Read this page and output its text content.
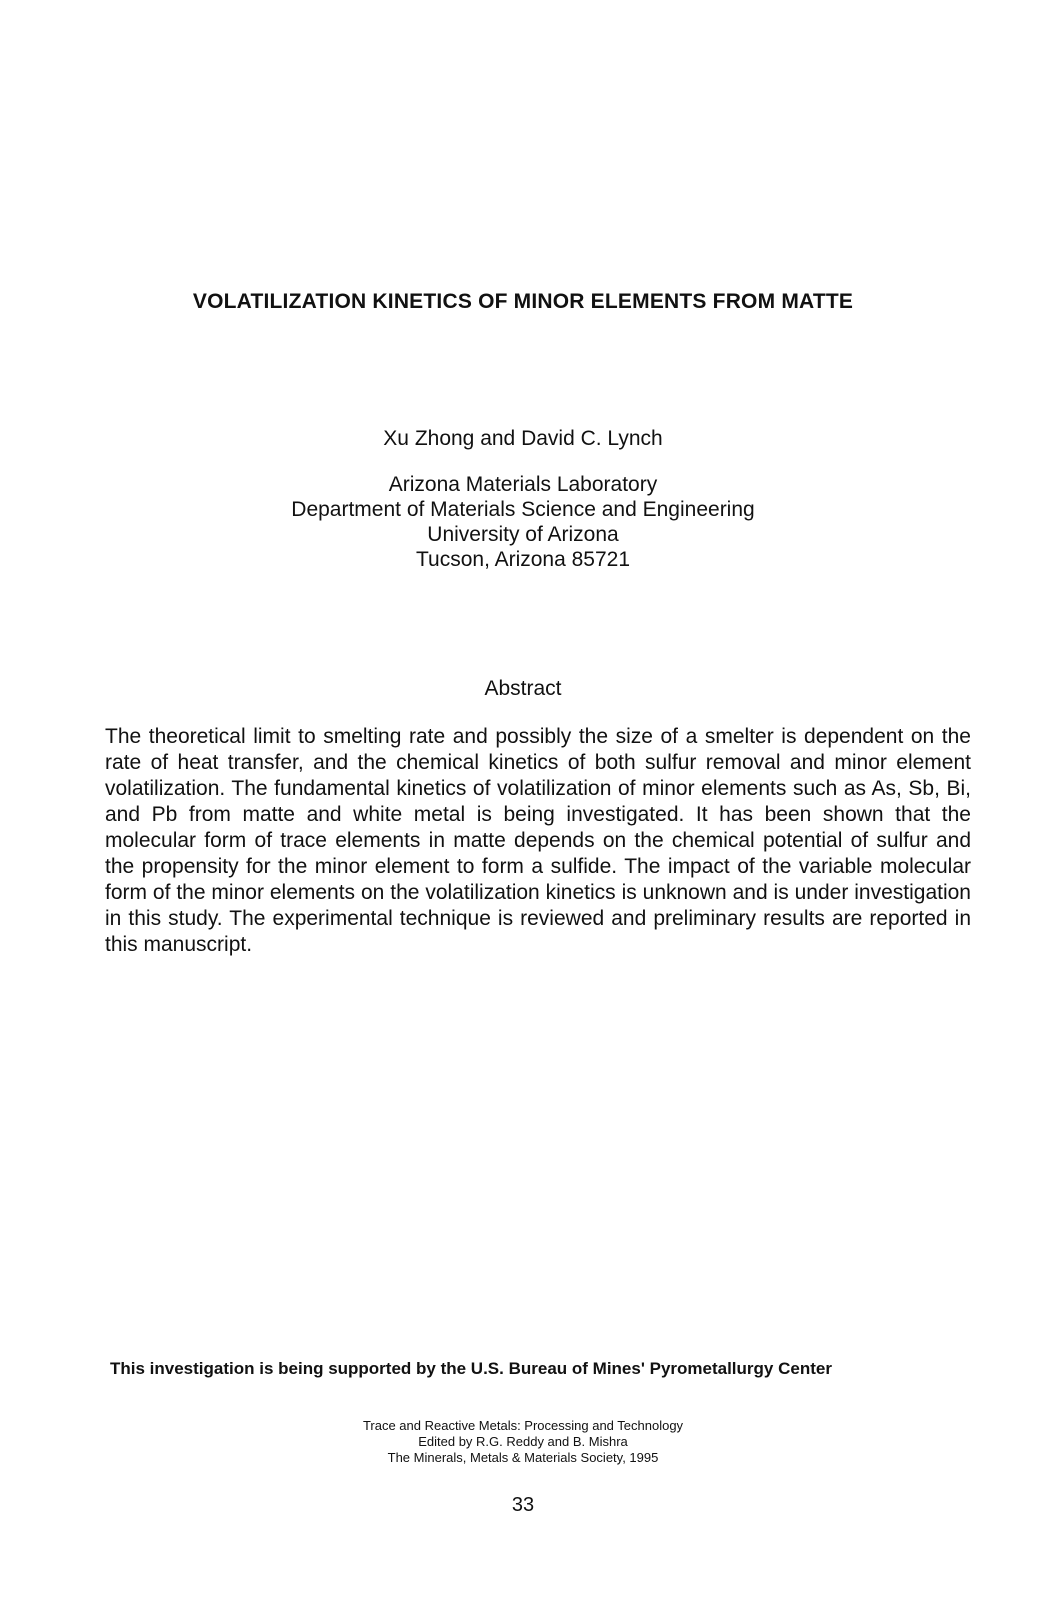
VOLATILIZATION KINETICS OF MINOR ELEMENTS FROM MATTE
Xu Zhong and David C. Lynch
Arizona Materials Laboratory
Department of Materials Science and Engineering
University of Arizona
Tucson, Arizona 85721
Abstract
The theoretical limit to smelting rate and possibly the size of a smelter is dependent on the rate of heat transfer, and the chemical kinetics of both sulfur removal and minor element volatilization. The fundamental kinetics of volatilization of minor elements such as As, Sb, Bi, and Pb from matte and white metal is being investigated. It has been shown that the molecular form of trace elements in matte depends on the chemical potential of sulfur and the propensity for the minor element to form a sulfide. The impact of the variable molecular form of the minor elements on the volatilization kinetics is unknown and is under investigation in this study. The experimental technique is reviewed and preliminary results are reported in this manuscript.
This investigation is being supported by the U.S. Bureau of Mines' Pyrometallurgy Center
Trace and Reactive Metals: Processing and Technology
Edited by R.G. Reddy and B. Mishra
The Minerals, Metals & Materials Society, 1995
33
